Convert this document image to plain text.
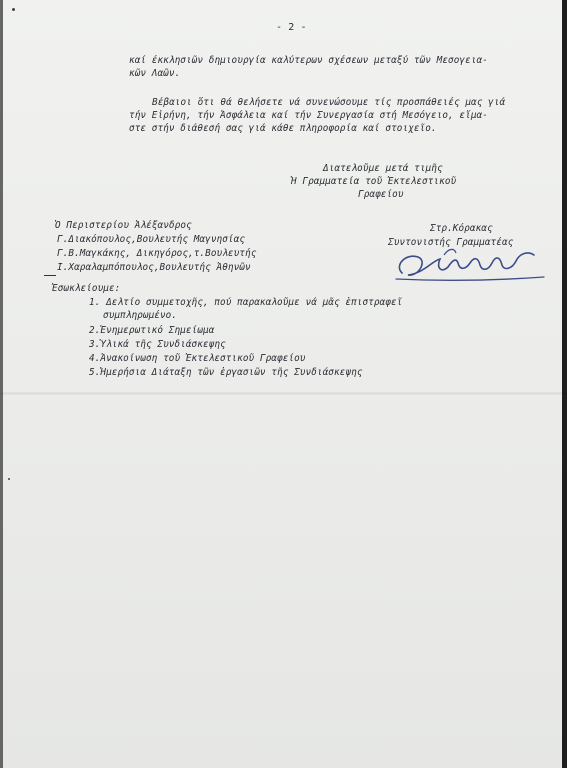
- 2 -
καί έκκλησιῶν δημιουργία καλύτερων σχέσεων μεταξύ τῶν Μεσογεια-
κῶν Λαῶν.
Βέβαιοι ὅτι θά θελήσετε νά συνενώσουμε τίς προσπάθειές μας γιά
τήν Εἰρήνη, τήν Ἀσφάλεια καί τήν Συνεργασία στή Μεσόγειο, εἴμα-
στε στήν διάθεσή σας γιά κάθε πληροφορία καί στοιχεῖο.
Διατελοῦμε μετά τιμῆς
Ἡ Γραμματεία τοῦ Ἐκτελεστικοῦ
Γραφείου
Ὁ Περιστερίου Ἀλέξανδρος
Γ.Διακόπουλος,Βουλευτής Μαγνησίας
Γ.Β.Μαγκάκης, Δικηγόρος,τ.Βουλευτής
Ι.Χαραλαμπόπουλος,Βουλευτής Ἀθηνῶν
Στρ.Κόρακας
Συντονιστής Γραμματέας
Ἐσωκλείουμε:
1. Δελτίο συμμετοχῆς, πού παρακαλοῦμε νά μᾶς ἐπιστραφεῖ
συμπληρωμένο.
2.Ἐνημερωτικό Σημείωμα
3.Ὑλικά τῆς Συνδιάσκεψης
4.Ἀνακοίνωση τοῦ Ἐκτελεστικοῦ Γραφείου
5.Ἡμερήσια Διάταξη τῶν ἐργασιῶν τῆς Συνδιάσκεψης
